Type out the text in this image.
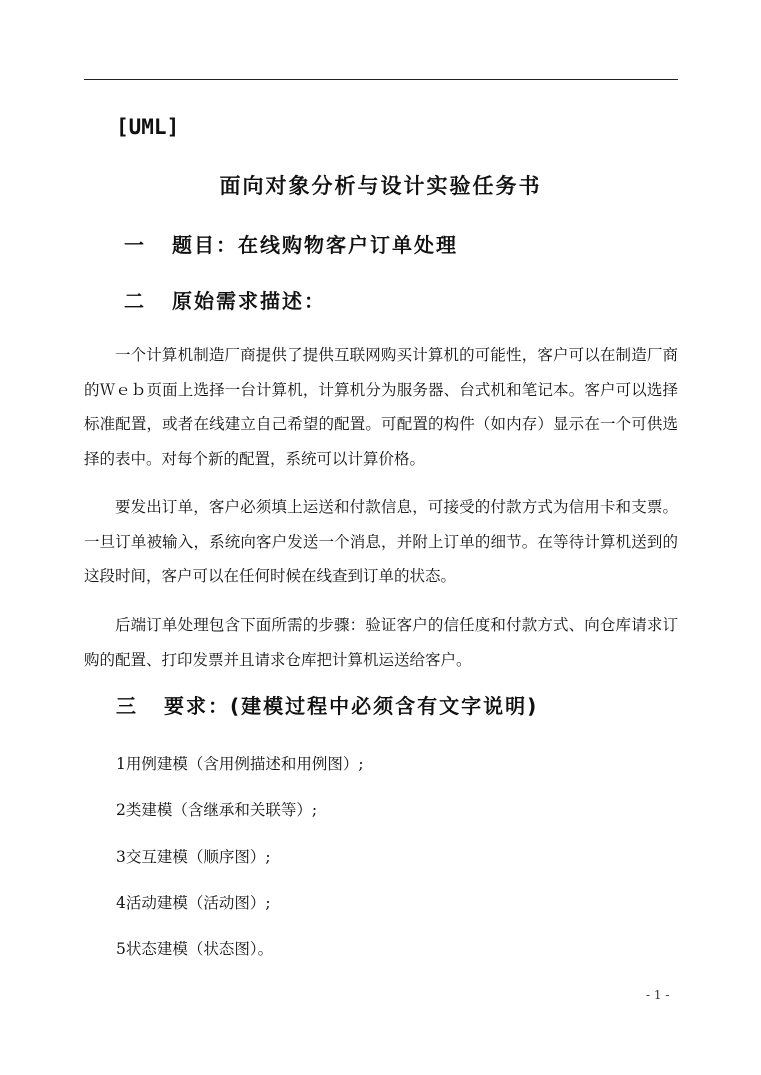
[UML]
面向对象分析与设计实验任务书
一 题目：在线购物客户订单处理
二 原始需求描述：

一个计算机制造厂商提供了提供互联网购买计算机的可能性，客户可以在制造厂商的Ｗｅｂ页面上选择一台计算机，计算机分为服务器、台式机和笔记本。客户可以选择标准配置，或者在线建立自己希望的配置。可配置的构件（如内存）显示在一个可供选择的表中。对每个新的配置，系统可以计算价格。

要发出订单，客户必须填上运送和付款信息，可接受的付款方式为信用卡和支票。一旦订单被输入，系统向客户发送一个消息，并附上订单的细节。在等待计算机送到的这段时间，客户可以在任何时候在线查到订单的状态。

后端订单处理包含下面所需的步骤：验证客户的信任度和付款方式、向仓库请求订购的配置、打印发票并且请求仓库把计算机运送给客户。

三 要求：(建模过程中必须含有文字说明)
1用例建模（含用例描述和用例图）;
2类建模（含继承和关联等）;
3交互建模（顺序图）;
4活动建模（活动图）;
5状态建模（状态图）。
- 1 -
